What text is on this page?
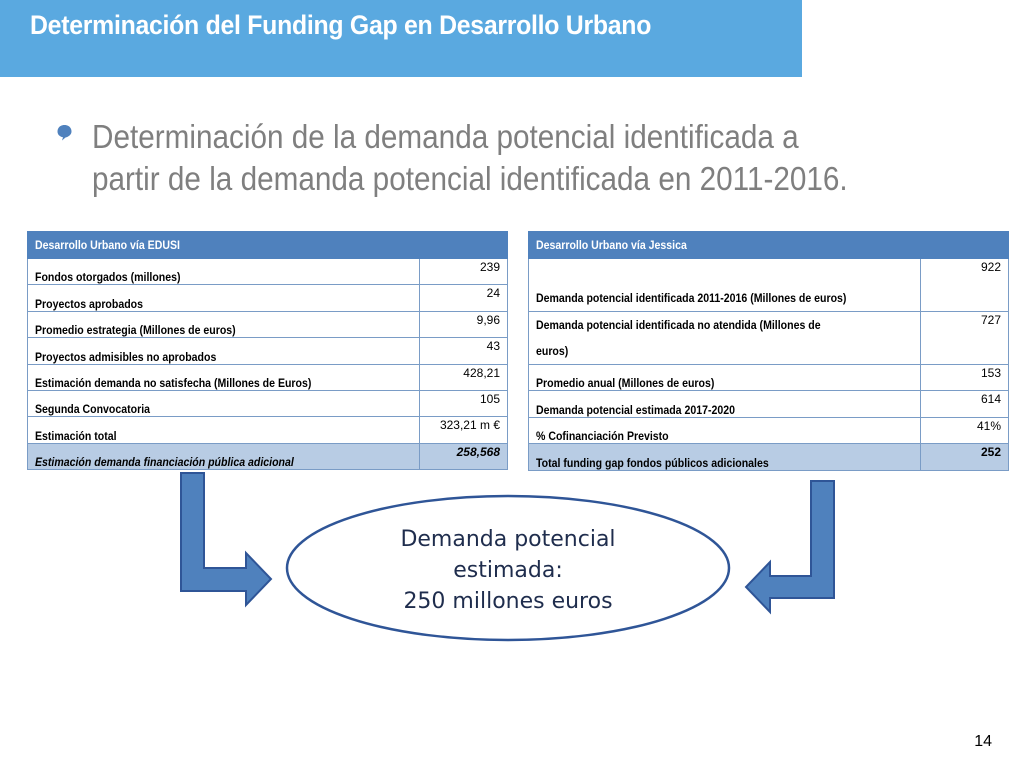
Determinación del Funding Gap en Desarrollo Urbano
Determinación de la demanda potencial identificada a partir de la demanda potencial identificada en 2011-2016.
Desarrollo Urbano vía EDUSI	
Fondos otorgados (millones)	239
Proyectos aprobados	24
Promedio estrategia (Millones de euros)	9,96
Proyectos admisibles no aprobados	43
Estimación demanda no satisfecha (Millones de Euros)	428,21
Segunda Convocatoria	105
Estimación total	323,21 m €
Estimación demanda financiación pública adicional	258,568
Desarrollo Urbano vía Jessica	
Demanda potencial identificada 2011-2016 (Millones de euros)	922
Demanda potencial identificada no atendida (Millones de euros)	727
Promedio anual (Millones de euros)	153
Demanda potencial estimada 2017-2020	614
% Cofinanciación Previsto	41%
Total funding gap fondos públicos adicionales	252
Demanda potencial
estimada:
250 millones euros
14
